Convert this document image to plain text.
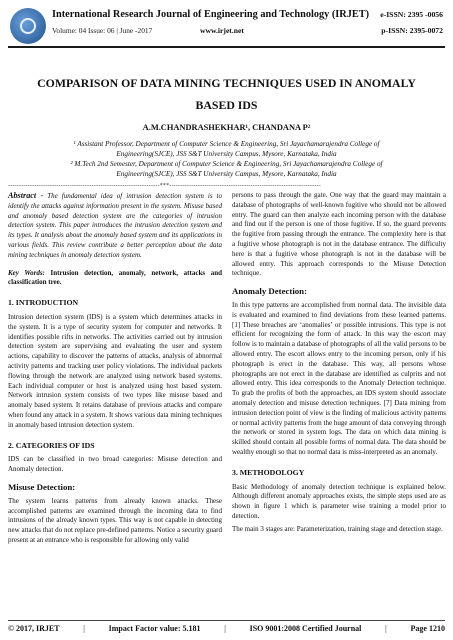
International Research Journal of Engineering and Technology (IRJET)
Volume: 04 Issue: 06 | June -2017	www.irjet.net
e-ISSN: 2395 -0056
p-ISSN: 2395-0072
COMPARISON OF DATA MINING TECHNIQUES USED IN ANOMALY
BASED IDS
A.M.CHANDRASHEKHAR¹, CHANDANA P²
¹ Assistant Professor, Department of Computer Science & Engineering, Sri Jayachamarajendra College of
Engineering(SJCE), JSS S&T University Campus, Mysore, Karnataka, India
² M.Tech 2nd Semester, Department of Computer Science & Engineering, Sri Jayachamarajendra College of
Engineering(SJCE), JSS S&T University Campus, Mysore, Karnataka, India
---------------------------------------------------------------------***---------------------------------------------------------------------

Abstract - The fundamental idea of intrusion detection system is to identify the attacks against information present in the system. Misuse based and anomaly based detection system are the categories of intrusion detection system. This paper introduces the intrusion detection system and its types. It analysis about the anomaly based system and its applications in various fields. This review contribute a better perception about the data mining techniques in anomaly detection system.

Key Words: Intrusion detection, anomaly, network, attacks and classification tree.

1. INTRODUCTION

Intrusion detection system (IDS) is a system which determines attacks in the system. It is a type of security system for computer and networks. It identifies possible rifts in networks. The activities carried out by intrusion detection system are supervising and evaluating the user and system actions, capability to discover the patterns of attacks, analysis of abnormal activity patterns and tracking user policy violations. The individual packets flowing through the network are analyzed using network based systems. Each individual computer or host is analyzed using host based system. Network intrusion system consists of two types like misuse based and anomaly based system. It retains database of previous attacks and compare when found any attack in a system. It shows various data mining techniques in anomaly based intrusion detection system.

2. CATEGORIES OF IDS

IDS can be classified in two broad categories: Misuse detection and Anomaly detection.

Misuse Detection:

The system learns patterns from already known attacks. These accomplished patterns are examined through the incoming data to find intrusions of the already known types. This way is not capable in detecting new attacks that do not replace pre-defined patterns. Notice a security guard present at an entrance who is responsible for allowing only valid

persons to pass through the gate. One way that the guard may maintain a database of photographs of well-known fugitive who should not be allowed entry. The guard can then analyze each incoming person with the database and find out if the person is one of those fugitive. If so, the guard prevents the fugitive from passing through the entrance. The complexity here is that a fugitive whose photograph is not in the database entrance. The difficulty here is that a fugitive whose photograph is not in the database will be allowed entry. This approach corresponds to the Misuse Detection technique.

Anomaly Detection:

In this type patterns are accomplished from normal data. The invisible data is evaluated and examined to find deviations from these learned patterns. [1] These breaches are ‘anomalies’ or possible intrusions. This type is not efficient for recognizing the form of attack. In this way the escort may follow is to maintain a database of photographs of all the valid persons to be allowed entry. The escort allows entry to the incoming person, only if his photograph is erect in the database. This way, all persons whose photographs are not erect in the database are identified as culprits and not allowed entry. This idea corresponds to the Anomaly Detection technique. To grab the profits of both the approaches, an IDS system should associate anomaly detection and misuse detection techniques. [7] Data mining from intrusion detection point of view is the finding of malicious activity patterns or normal activity patterns from the huge amount of data conveying through the network or stored in system logs. The data on which data mining is skilled should contain all possible forms of normal data. The data should be wealthy enough so that no normal data is miss-interpreted as an anomaly.

3. METHODOLOGY

Basic Methodology of anomaly detection technique is explained below. Although different anomaly approaches exists, the simple steps used are as shown in figure 1 which is parameter wise training a model prior to detection.

The main 3 stages are: Parameterization, training stage and detection stage.

© 2017, IRJET	|	Impact Factor value: 5.181	|	ISO 9001:2008 Certified Journal	|	Page 1210
